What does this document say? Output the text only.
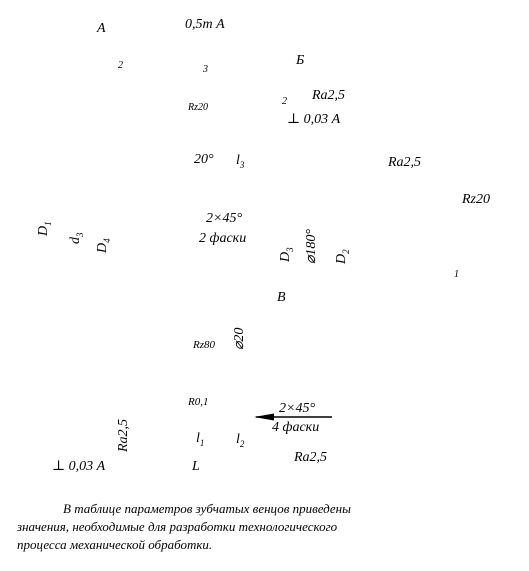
А	0,5т А
2	3
Б
Rz20
2 Ra2,5
⊥ 0,03 А
20° $l_3$	Ra2,5
Rz20
$D_1$
$d_3$
$D_4$
2×45°
2 фаски
$D_3$ ⌀180° $D_2$
1
В
Rz80 ⌀20
R0,1	2×45°
4 фаски
Ra2,5	$l_1$ $l_2$
Ra2,5
⊥ 0,03 А	L
В таблице параметров зубчатых венцов приведены
значения, необходимые для разработки технологического
процесса механической обработки.
